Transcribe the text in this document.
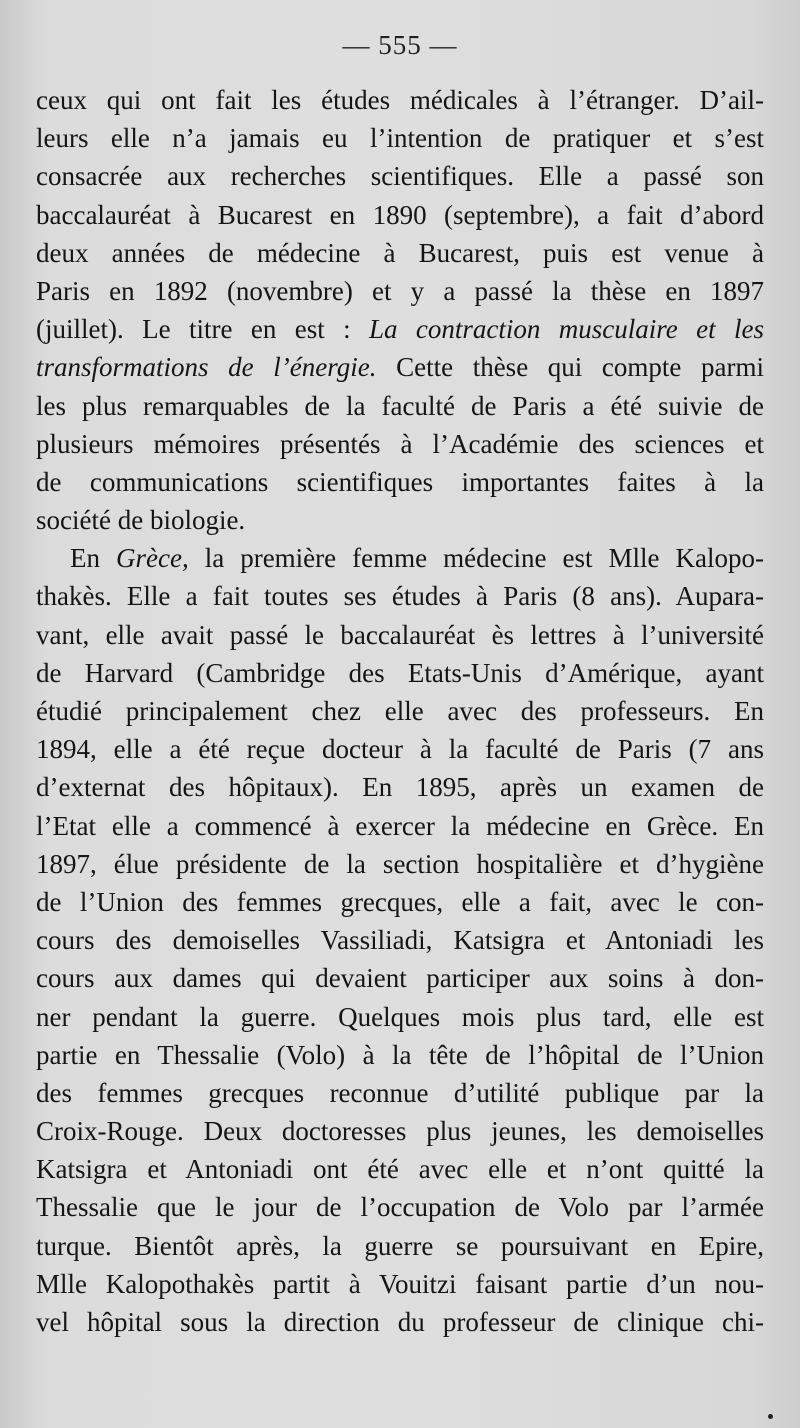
— 555 —
ceux qui ont fait les études médicales à l’étranger. D’ail-
leurs elle n’a jamais eu l’intention de pratiquer et s’est
consacrée aux recherches scientifiques. Elle a passé son
baccalauréat à Bucarest en 1890 (septembre), a fait d’abord
deux années de médecine à Bucarest, puis est venue à
Paris en 1892 (novembre) et y a passé la thèse en 1897
(juillet). Le titre en est : La contraction musculaire et les
transformations de l’énergie. Cette thèse qui compte parmi
les plus remarquables de la faculté de Paris a été suivie de
plusieurs mémoires présentés à l’Académie des sciences et
de communications scientifiques importantes faites à la
société de biologie.
En Grèce, la première femme médecine est Mlle Kalopo-
thakès. Elle a fait toutes ses études à Paris (8 ans). Aupara-
vant, elle avait passé le baccalauréat ès lettres à l’université
de Harvard (Cambridge des Etats-Unis d’Amérique, ayant
étudié principalement chez elle avec des professeurs. En
1894, elle a été reçue docteur à la faculté de Paris (7 ans
d’externat des hôpitaux). En 1895, après un examen de
l’Etat elle a commencé à exercer la médecine en Grèce. En
1897, élue présidente de la section hospitalière et d’hygiène
de l’Union des femmes grecques, elle a fait, avec le con-
cours des demoiselles Vassiliadi, Katsigra et Antoniadi les
cours aux dames qui devaient participer aux soins à don-
ner pendant la guerre. Quelques mois plus tard, elle est
partie en Thessalie (Volo) à la tête de l’hôpital de l’Union
des femmes grecques reconnue d’utilité publique par la
Croix-Rouge. Deux doctoresses plus jeunes, les demoiselles
Katsigra et Antoniadi ont été avec elle et n’ont quitté la
Thessalie que le jour de l’occupation de Volo par l’armée
turque. Bientôt après, la guerre se poursuivant en Epire,
Mlle Kalopothakès partit à Vouitzi faisant partie d’un nou-
vel hôpital sous la direction du professeur de clinique chi-
